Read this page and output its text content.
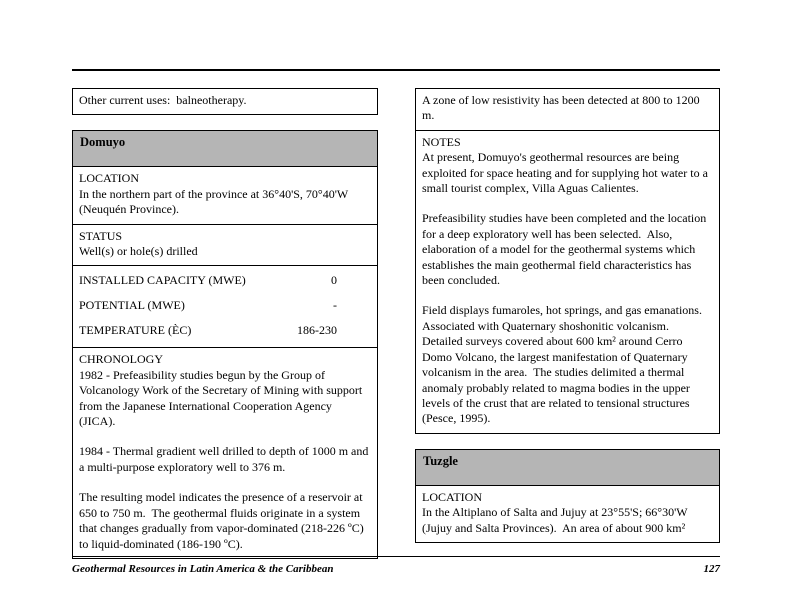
Other current uses:  balneotherapy.
Domuyo
LOCATION
In the northern part of the province at 36°40'S, 70°40'W (Neuquén Province).
STATUS
Well(s) or hole(s) drilled
INSTALLED CAPACITY (MWE)	0
POTENTIAL (MWE)	-
TEMPERATURE (ÈC)	186-230
CHRONOLOGY
1982 - Prefeasibility studies begun by the Group of Volcanology Work of the Secretary of Mining with support from the Japanese International Cooperation Agency (JICA).
1984 - Thermal gradient well drilled to depth of 1000 m and a multi-purpose exploratory well to 376 m.
The resulting model indicates the presence of a reservoir at 650 to 750 m.  The geothermal fluids originate in a system that changes gradually from vapor-dominated (218-226 ºC) to liquid-dominated (186-190 ºC).
A zone of low resistivity has been detected at 800 to 1200 m.
NOTES
At present, Domuyo's geothermal resources are being exploited for space heating and for supplying hot water to a small tourist complex, Villa Aguas Calientes.
Prefeasibility studies have been completed and the location for a deep exploratory well has been selected.  Also, elaboration of a model for the geothermal systems which establishes the main geothermal field characteristics has been concluded.
Field displays fumaroles, hot springs, and gas emanations.  Associated with Quaternary shoshonitic volcanism.  Detailed surveys covered about 600 km² around Cerro Domo Volcano, the largest manifestation of Quaternary volcanism in the area.  The studies delimited a thermal anomaly probably related to magma bodies in the upper levels of the crust that are related to tensional structures (Pesce, 1995).
Tuzgle
LOCATION
In the Altiplano of Salta and Jujuy at 23°55'S; 66°30'W (Jujuy and Salta Provinces).  An area of about 900 km²
Geothermal Resources in Latin America & the Caribbean	127
